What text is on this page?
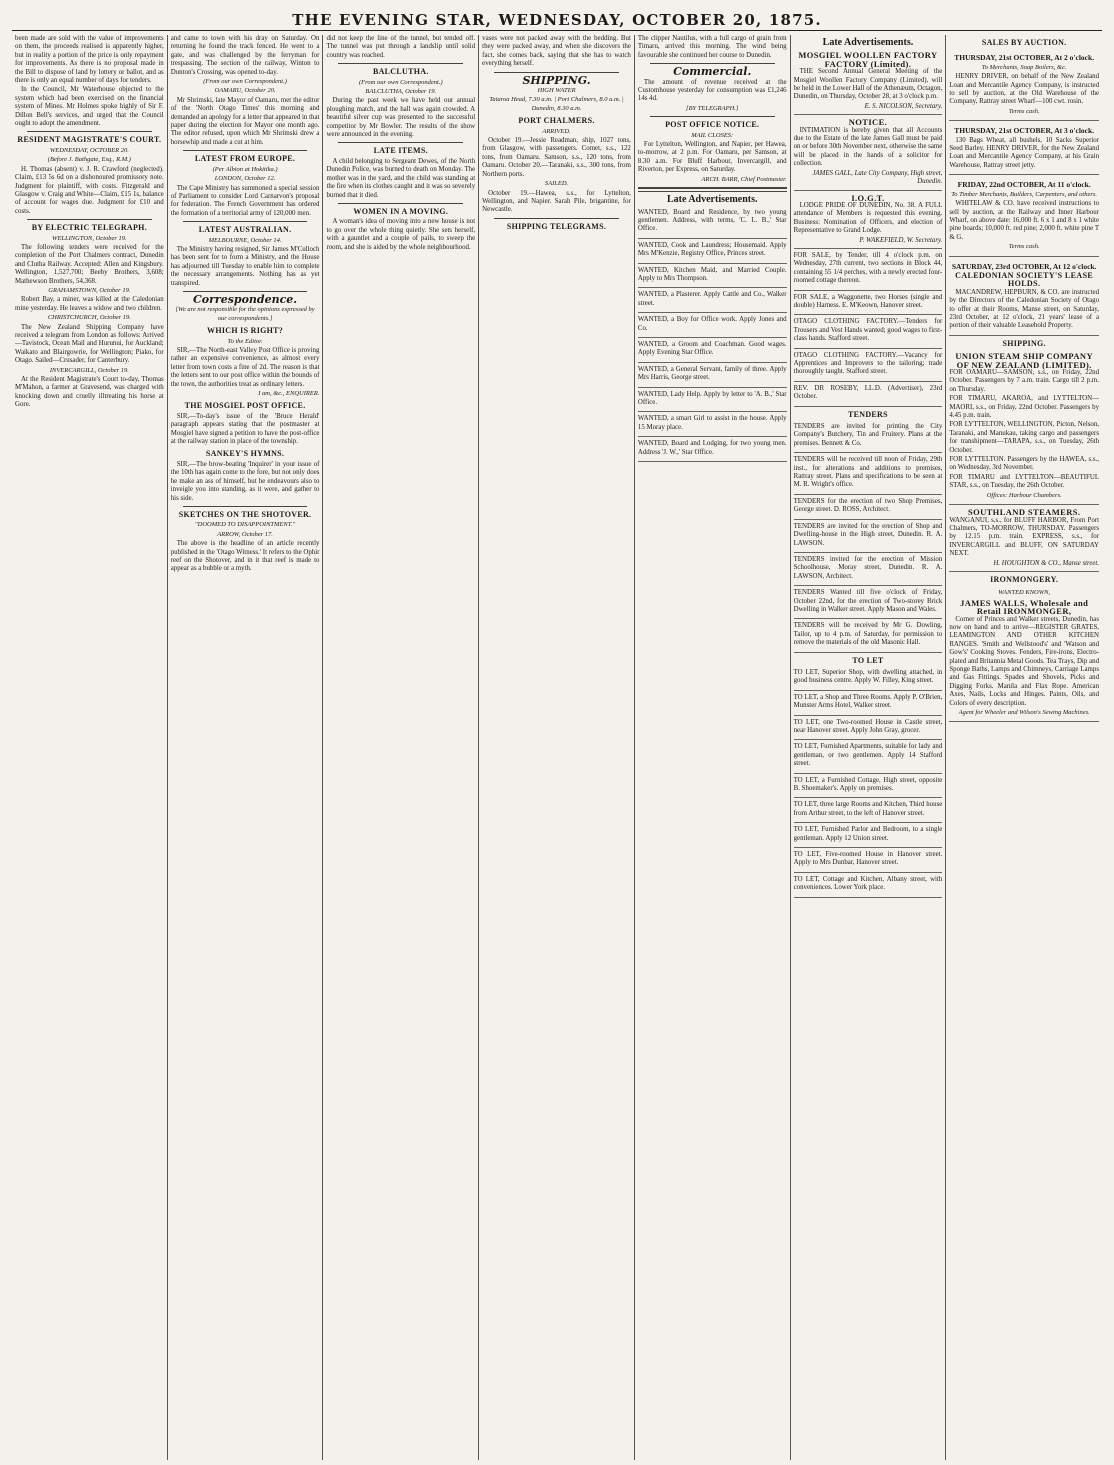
THE EVENING STAR, WEDNESDAY, OCTOBER 20, 1875.

been made are sold with the value of improvements on them, the proceeds realised is apparently higher, but in reality a portion of the price is only repayment for improvements. As there is no proposal made in the Bill to dispose of land by lottery or ballot, and as there is only an equal number of days for tenders.

In the Council, Mr Waterhouse objected to the system which had been exercised on the financial system of Mines. Mr Holmes spoke highly of Sir F. Dillon Bell's services, and urged that the Council ought to adopt the amendment.

RESIDENT MAGISTRATE'S COURT.
WEDNESDAY, OCTOBER 20.
(Before J. Bathgate, Esq., R.M.)

H. Thomas (absent) v. J. R. Crawford (neglected). Claim, £13 5s 6d on a dishonoured promissory note. Judgment for plaintiff, with costs. Fitzgerald and Glasgow v. Craig and White—Claim, £15 1s, balance of account for wages due. Judgment for £10 and costs.

BY ELECTRIC TELEGRAPH.
WELLINGTON, October 19.

The following tenders were received for the completion of the Port Chalmers contract, Dunedin and Clutha Railway. Accepted: Allen and Kingsbury. Wellington, 1,527,700; Beeby Brothers, 3,608; Mathewson Brothers, 54,368.

GRAHAMSTOWN, October 19.

Robert Bay, a miner, was killed at the Caledonian mine yesterday. He leaves a widow and two children.

CHRISTCHURCH, October 19.

The New Zealand Shipping Company have received a telegram from London as follows: Arrived—Tavistock, Ocean Mail and Hurunui, for Auckland; Waikato and Blairgowrie, for Wellington; Piako, for Otago. Sailed—Crusader, for Canterbury.

INVERCARGILL, October 19.

At the Resident Magistrate's Court to-day, Thomas M'Mahon, a farmer at Gravesend, was charged with knocking down and cruelly illtreating his horse at Gore.

and came to town with his dray on Saturday. On returning he found the track fenced. He went to a gate, and was challenged by the ferryman for trespassing. The section of the railway, Winton to Dunton's Crossing, was opened to-day.

(From our own Correspondent.)
OAMARU, October 20.

Mr Shrimski, late Mayor of Oamaru, met the editor of the 'North Otago Times' this morning and demanded an apology for a letter that appeared in that paper during the election for Mayor one month ago. The editor refused, upon which Mr Shrimski drew a horsewhip and made a cut at him.

LATEST FROM EUROPE.
(Per Albion at Hokitika.)
LONDON, October 12.

The Cape Ministry has summoned a special session of Parliament to consider Lord Carnarvon's proposal for federation. The French Government has ordered the formation of a territorial army of 120,000 men.

LATEST AUSTRALIAN.
MELBOURNE, October 14.

The Ministry having resigned, Sir James M'Culloch has been sent for to form a Ministry, and the House has adjourned till Tuesday to enable him to complete the necessary arrangements. Nothing has as yet transpired.

Correspondence.
[We are not responsible for the opinions expressed by our correspondents.]
WHICH IS RIGHT?
To the Editor.

SIR,—The North-east Valley Post Office is proving rather an expensive convenience, as almost every letter from town costs a fine of 2d. The reason is that the letters sent to our post office within the bounds of the town, the authorities treat as ordinary letters.

I am, &c., ENQUIRER.
THE MOSGIEL POST OFFICE.

SIR,—To-day's issue of the 'Bruce Herald' paragraph appears stating that the postmaster at Mosgiel have signed a petition to have the post-office at the railway station in place of the township.

SANKEY'S HYMNS.

SIR,—The brow-beating 'Inquirer' in your issue of the 10th has again come to the fore, but not only does he make an ass of himself, but he endeavours also to inveigle you into standing, as it were, and gather to his side.

SKETCHES ON THE SHOTOVER.
"DOOMED TO DISAPPOINTMENT."
ARROW, October 17.

The above is the headline of an article recently published in the 'Otago Witness.' It refers to the Ophir reef on the Shotover, and in it that reef is made to appear as a bubble or a myth.

did not keep the line of the tunnel, but tended off. The tunnel was put through a landslip until solid country was reached.

BALCLUTHA.
(From our own Correspondent.)
BALCLUTHA, October 19.

During the past week we have held our annual ploughing match, and the hall was again crowded. A beautiful silver cup was presented to the successful competitor by Mr Bowler. The results of the show were announced in the evening.

LATE ITEMS.

A child belonging to Sergeant Dewes, of the North Dunedin Police, was burned to death on Monday. The mother was in the yard, and the child was standing at the fire when its clothes caught and it was so severely burned that it died.

WOMEN IN A MOVING.

A woman's idea of moving into a new house is not to go over the whole thing quietly. She sets herself, with a gauntlet and a couple of pails, to sweep the room, and she is aided by the whole neighbourhood.

vases were not packed away with the bedding. But they were packed away, and when she discovers the fact, she comes back, saying that she has to watch everything herself.

SHIPPING.
HIGH WATER
Taiaroa Head, 7.30 a.m. | Port Chalmers, 8.0 a.m. | Dunedin, 8.30 a.m.
PORT CHALMERS.
ARRIVED.

October 19.—Jessie Readman, ship, 1027 tons, from Glasgow, with passengers. Comet, s.s., 122 tons, from Oamaru. Samson, s.s., 120 tons, from Oamaru. October 20.—Taranaki, s.s., 300 tons, from Northern ports.

SAILED.

October 19.—Hawea, s.s., for Lyttelton, Wellington, and Napier. Sarah Pile, brigantine, for Newcastle.

SHIPPING TELEGRAMS.

The clipper Nautilus, with a full cargo of grain from Timaru, arrived this morning. The wind being favourable she continued her course to Dunedin.

Commercial.

The amount of revenue received at the Customhouse yesterday for consumption was £1,246 14s 4d.

[BY TELEGRAPH.]
POST OFFICE NOTICE.
MAIL CLOSES:

For Lyttelton, Wellington, and Napier, per Hawea, to-morrow, at 2 p.m. For Oamaru, per Samson, at 8.30 a.m. For Bluff Harbour, Invercargill, and Riverton, per Express, on Saturday.

ARCH. BARR, Chief Postmaster.
Late Advertisements.

WANTED, Board and Residence, by two young gentlemen. Address, with terms, 'C. L. B.,' Star Office.

WANTED, Cook and Laundress; Housemaid. Apply Mrs M'Kenzie, Registry Office, Princes street.

WANTED, Kitchen Maid, and Married Couple. Apply to Mrs Thompson.

WANTED, a Plasterer. Apply Cattle and Co., Walker street.

WANTED, a Boy for Office work. Apply Jones and Co.

WANTED, a Groom and Coachman. Good wages. Apply Evening Star Office.

WANTED, a General Servant, family of three. Apply Mrs Harris, George street.

WANTED, Lady Help. Apply by letter to 'A. B.,' Star Office.

WANTED, a smart Girl to assist in the house. Apply 15 Moray place.

WANTED, Board and Lodging, for two young men. Address 'J. W.,' Star Office.

Late Advertisements.
MOSGIEL WOOLLEN FACTORY FACTORY (Limited).

THE Second Annual General Meeting of the Mosgiel Woollen Factory Company (Limited), will be held in the Lower Hall of the Athenæum, Octagon, Dunedin, on Thursday, October 28, at 3 o'clock p.m.

E. S. NICOLSON, Secretary.
NOTICE.

INTIMATION is hereby given that all Accounts due to the Estate of the late James Gall must be paid on or before 30th November next, otherwise the same will be placed in the hands of a solicitor for collection.

JAMES GALL, Late City Company, High street, Dunedin.
I.O.G.T.

LODGE PRIDE OF DUNEDIN, No. 38. A FULL attendance of Members is requested this evening. Business: Nomination of Officers, and election of Representative to Grand Lodge.

P. WAKEFIELD, W. Secretary.

FOR SALE, by Tender, till 4 o'clock p.m. on Wednesday, 27th current, two sections in Block 44, containing 55 1/4 perches, with a newly erected four-roomed cottage thereon.

FOR SALE, a Waggonette, two Horses (single and double) Harness. E. M'Keown, Hanover street.

OTAGO CLOTHING FACTORY.—Tenders for Trousers and Vest Hands wanted; good wages to first-class hands. Stafford street.

OTAGO CLOTHING FACTORY.—Vacancy for Apprentices and Improvers to the tailoring; trade thoroughly taught. Stafford street.

REV. DR ROSEBY, LL.D. (Advertiser), 23rd October.

TENDERS

TENDERS are invited for printing the City Company's Butchery, Tin and Fruitery. Plans at the premises. Bennett & Co.

TENDERS will be received till noon of Friday, 29th inst., for alterations and additions to premises, Rattray street. Plans and specifications to be seen at M. R. Wright's office.

TENDERS for the erection of two Shop Premises, George street. D. ROSS, Architect.

TENDERS are invited for the erection of Shop and Dwelling-house in the High street, Dunedin. R. A. LAWSON.

TENDERS invited for the erection of Mission Schoolhouse, Moray street, Dunedin. R. A. LAWSON, Architect.

TENDERS Wanted till five o'clock of Friday, October 22nd, for the erection of Two-storey Brick Dwelling in Walker street. Apply Mason and Wales.

TENDERS will be received by Mr G. Dowling, Tailor, up to 4 p.m. of Saturday, for permission to remove the materials of the old Masonic Hall.

TO LET

TO LET, Superior Shop, with dwelling attached, in good business centre. Apply W. Filley, King street.

TO LET, a Shop and Three Rooms. Apply P. O'Brien, Munster Arms Hotel, Walker street.

TO LET, one Two-roomed House in Castle street, near Hanover street. Apply John Gray, grocer.

TO LET, Furnished Apartments, suitable for lady and gentleman, or two gentlemen. Apply 14 Stafford street.

TO LET, a Furnished Cottage, High street, opposite B. Shoemaker's. Apply on premises.

TO LET, three large Rooms and Kitchen, Third house from Arthur street, to the left of Hanover street.

TO LET, Furnished Parlor and Bedroom, to a single gentleman. Apply 12 Union street.

TO LET, Five-roomed House in Hanover street. Apply to Mrs Dunbar, Hanover street.

TO LET, Cottage and Kitchen, Albany street, with conveniences. Lower York place.

SALES BY AUCTION.
THURSDAY, 21st OCTOBER, At 2 o'clock.
To Merchants, Soap Boilers, &c.

HENRY DRIVER, on behalf of the New Zealand Loan and Mercantile Agency Company, is instructed to sell by auction, at the Old Warehouse of the Company, Rattray street Wharf—100 cwt. rosin.

Terms cash.
THURSDAY, 21st OCTOBER, At 3 o'clock.

130 Bags Wheat, all bushels, 10 Sacks Superior Seed Barley. HENRY DRIVER, for the New Zealand Loan and Mercantile Agency Company, at his Grain Warehouse, Rattray street jetty.

FRIDAY, 22nd OCTOBER, At 11 o'clock.
To Timber Merchants, Builders, Carpenters, and others.

WHITELAW & CO. have received instructions to sell by auction, at the Railway and Inner Harbour Wharf, on above date: 16,000 ft. 6 x 1 and 8 x 1 white pine boards; 10,000 ft. red pine; 2,000 ft. white pine T & G.

Terms cash.
SATURDAY, 23rd OCTOBER, At 12 o'clock.
CALEDONIAN SOCIETY'S LEASE HOLDS.

MACANDREW, HEPBURN, & CO. are instructed by the Directors of the Caledonian Society of Otago to offer at their Rooms, Manse street, on Saturday, 23rd October, at 12 o'clock, 21 years' lease of a portion of their valuable Leasehold Property.

SHIPPING.
UNION STEAM SHIP COMPANY OF NEW ZEALAND (LIMITED).

FOR OAMARU—SAMSON, s.s., on Friday, 22nd October. Passengers by 7 a.m. train. Cargo till 2 p.m. on Thursday.

FOR TIMARU, AKAROA, and LYTTELTON—MAORI, s.s., on Friday, 22nd October. Passengers by 4.45 p.m. train.

FOR LYTTELTON, WELLINGTON, Picton, Nelson, Taranaki, and Manukau, taking cargo and passengers for transhipment—TARAPA, s.s., on Tuesday, 26th October.

FOR LYTTELTON. Passengers by the HAWEA, s.s., on Wednesday, 3rd November.

FOR TIMARU and LYTTELTON—BEAUTIFUL STAR, s.s., on Tuesday, the 26th October.

Offices: Harbour Chambers.
SOUTHLAND STEAMERS.

WANGANUI, s.s., for BLUFF HARBOR, From Port Chalmers, TO-MORROW, THURSDAY. Passengers by 12.15 p.m. train. EXPRESS, s.s., for INVERCARGILL and BLUFF, ON SATURDAY NEXT.

H. HOUGHTON & CO., Manse street.
IRONMONGERY.
WANTED KNOWN,
JAMES WALLS, Wholesale and Retail IRONMONGER,

Corner of Princes and Walker streets, Dunedin, has now on hand and to arrive—REGISTER GRATES, LEAMINGTON AND OTHER KITCHEN RANGES. 'Smith and Wellstood's' and 'Watson and Gow's' Cooking Stoves. Fenders, Fire-irons, Electro-plated and Britannia Metal Goods. Tea Trays, Dip and Sponge Baths, Lamps and Chimneys, Carriage Lamps and Gas Fittings. Spades and Shovels, Picks and Digging Forks. Manila and Flax Rope. American Axes, Nails, Locks and Hinges. Paints, Oils, and Colors of every description.

Agent for Wheeler and Wilson's Sewing Machines.
